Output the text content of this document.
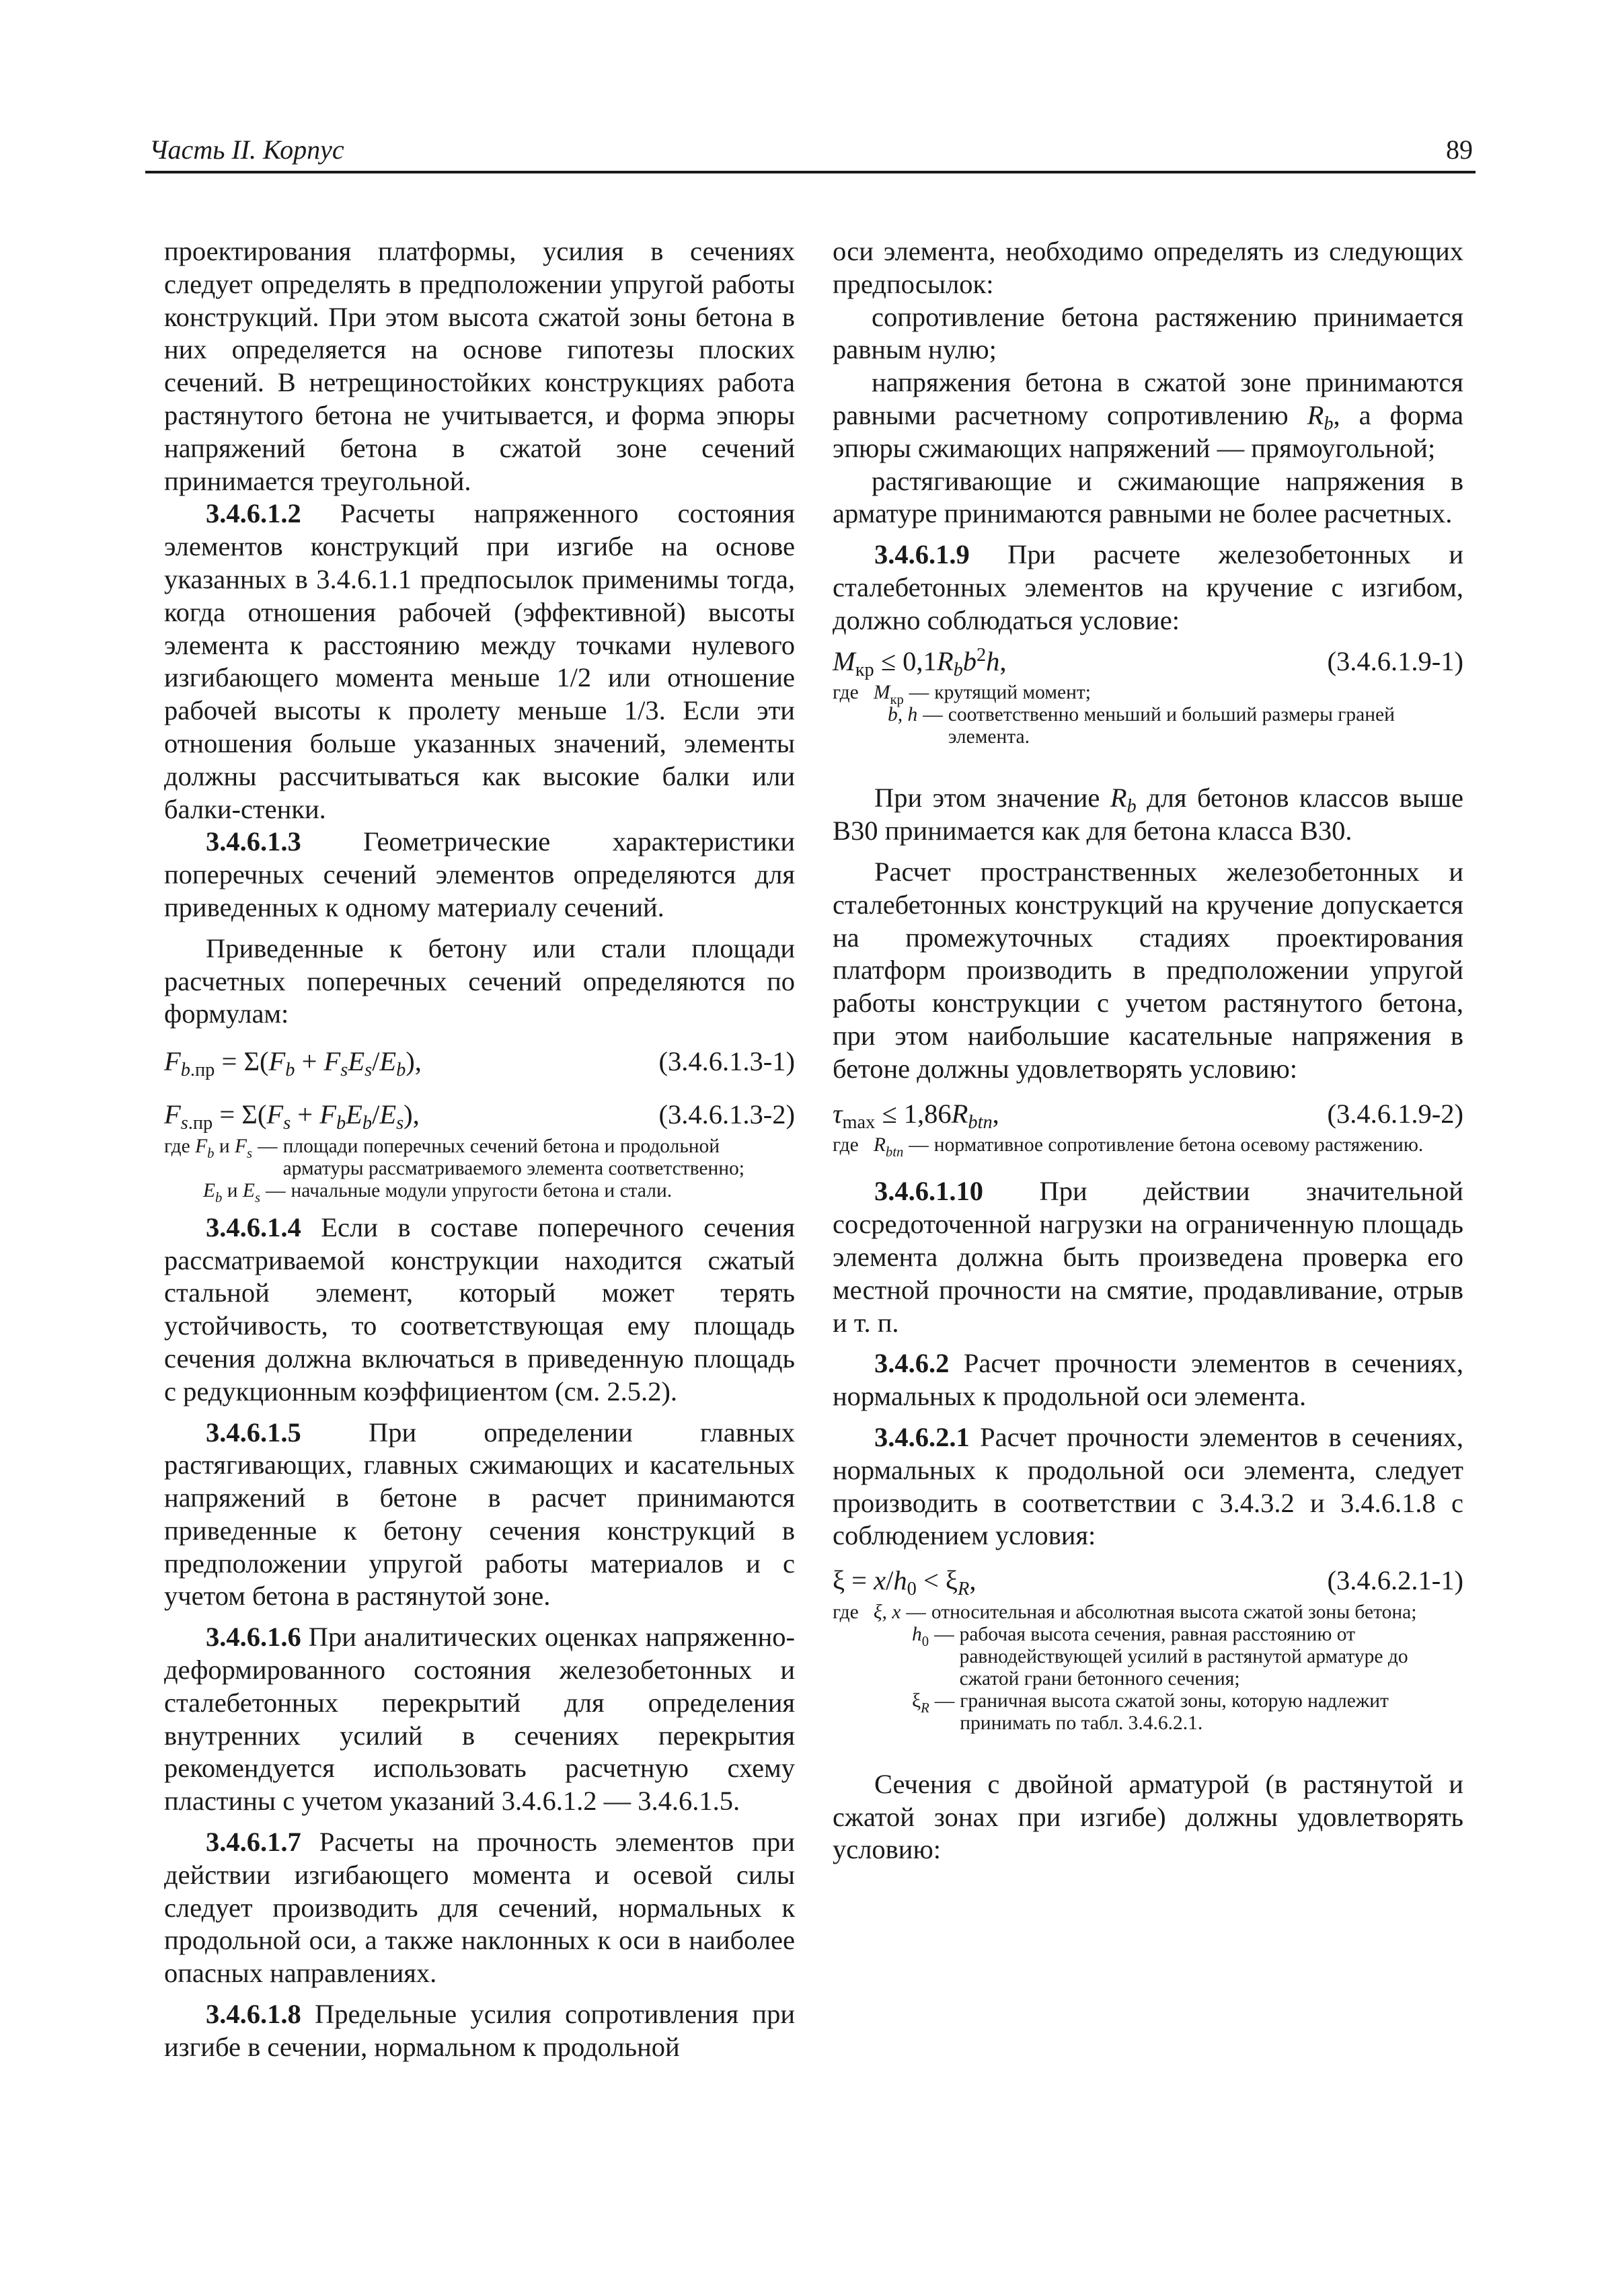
Часть II. Корпус	89

проектирования платформы, усилия в сечениях следует определять в предположении упругой работы конструкций. При этом высота сжатой зоны бетона в них определяется на основе гипотезы плоских сечений. В нетрещиностойких конструкциях работа растянутого бетона не учитывается, и форма эпюры напряжений бетона в сжатой зоне сечений принимается треугольной.

3.4.6.1.2 Расчеты напряженного состояния элементов конструкций при изгибе на основе указанных в 3.4.6.1.1 предпосылок применимы тогда, когда отношения рабочей (эффективной) высоты элемента к расстоянию между точками нулевого изгибающего момента меньше 1/2 или отношение рабочей высоты к пролету меньше 1/3. Если эти отношения больше указанных значений, элементы должны рассчитываться как высокие балки или балки-стенки.

3.4.6.1.3 Геометрические характеристики поперечных сечений элементов определяются для приведенных к одному материалу сечений.

Приведенные к бетону или стали площади расчетных поперечных сечений определяются по формулам:

$F_{b.пр} = \Sigma(F_b + F_sE_s/E_b)$,	(3.4.6.1.3-1)
$F_{s.пр} = \Sigma(F_s + F_bE_b/E_s)$,	(3.4.6.1.3-2)
где $F_b$ и $F_s$ — площади поперечных сечений бетона и продольной арматуры рассматриваемого элемента соответственно;
$E_b$ и $E_s$ — начальные модули упругости бетона и стали.

3.4.6.1.4 Если в составе поперечного сечения рассматриваемой конструкции находится сжатый стальной элемент, который может терять устойчивость, то соответствующая ему площадь сечения должна включаться в приведенную площадь с редукционным коэффициентом (см. 2.5.2).

3.4.6.1.5 При определении главных растягивающих, главных сжимающих и касательных напряжений в бетоне в расчет принимаются приведенные к бетону сечения конструкций в предположении упругой работы материалов и с учетом бетона в растянутой зоне.

3.4.6.1.6 При аналитических оценках напряженно-деформированного состояния железобетонных и сталебетонных перекрытий для определения внутренних усилий в сечениях перекрытия рекомендуется использовать расчетную схему пластины с учетом указаний 3.4.6.1.2 — 3.4.6.1.5.

3.4.6.1.7 Расчеты на прочность элементов при действии изгибающего момента и осевой силы следует производить для сечений, нормальных к продольной оси, а также наклонных к оси в наиболее опасных направлениях.

3.4.6.1.8 Предельные усилия сопротивления при изгибе в сечении, нормальном к продольной

оси элемента, необходимо определять из следующих предпосылок:

сопротивление бетона растяжению принимается равным нулю;

напряжения бетона в сжатой зоне принимаются равными расчетному сопротивлению $R_b$, а форма эпюры сжимающих напряжений — прямоугольной;

растягивающие и сжимающие напряжения в арматуре принимаются равными не более расчетных.

3.4.6.1.9 При расчете железобетонных и сталебетонных элементов на кручение с изгибом, должно соблюдаться условие:

$M_{кр} \le 0,1R_bb^2h$,	(3.4.6.1.9-1)
где $M_{кр}$ — крутящий момент;
b, h — соответственно меньший и больший размеры граней элемента.

При этом значение $R_b$ для бетонов классов выше В30 принимается как для бетона класса В30.

Расчет пространственных железобетонных и сталебетонных конструкций на кручение допускается на промежуточных стадиях проектирования платформ производить в предположении упругой работы конструкции с учетом растянутого бетона, при этом наибольшие касательные напряжения в бетоне должны удовлетворять условию:

$\tau_{max} \le 1,86R_{btn}$,	(3.4.6.1.9-2)
где $R_{btn}$ — нормативное сопротивление бетона осевому растяжению.

3.4.6.1.10 При действии значительной сосредоточенной нагрузки на ограниченную площадь элемента должна быть произведена проверка его местной прочности на смятие, продавливание, отрыв и т. п.

3.4.6.2 Расчет прочности элементов в сечениях, нормальных к продольной оси элемента.

3.4.6.2.1 Расчет прочности элементов в сечениях, нормальных к продольной оси элемента, следует производить в соответствии с 3.4.3.2 и 3.4.6.1.8 с соблюдением условия:

$\xi = x/h_0 < \xi_R$,	(3.4.6.2.1-1)
где ξ, x — относительная и абсолютная высота сжатой зоны бетона;
$h_0$ — рабочая высота сечения, равная расстоянию от равнодействующей усилий в растянутой арматуре до сжатой грани бетонного сечения;
$\xi_R$ — граничная высота сжатой зоны, которую надлежит принимать по табл. 3.4.6.2.1.

Сечения с двойной арматурой (в растянутой и сжатой зонах при изгибе) должны удовлетворять условию:
